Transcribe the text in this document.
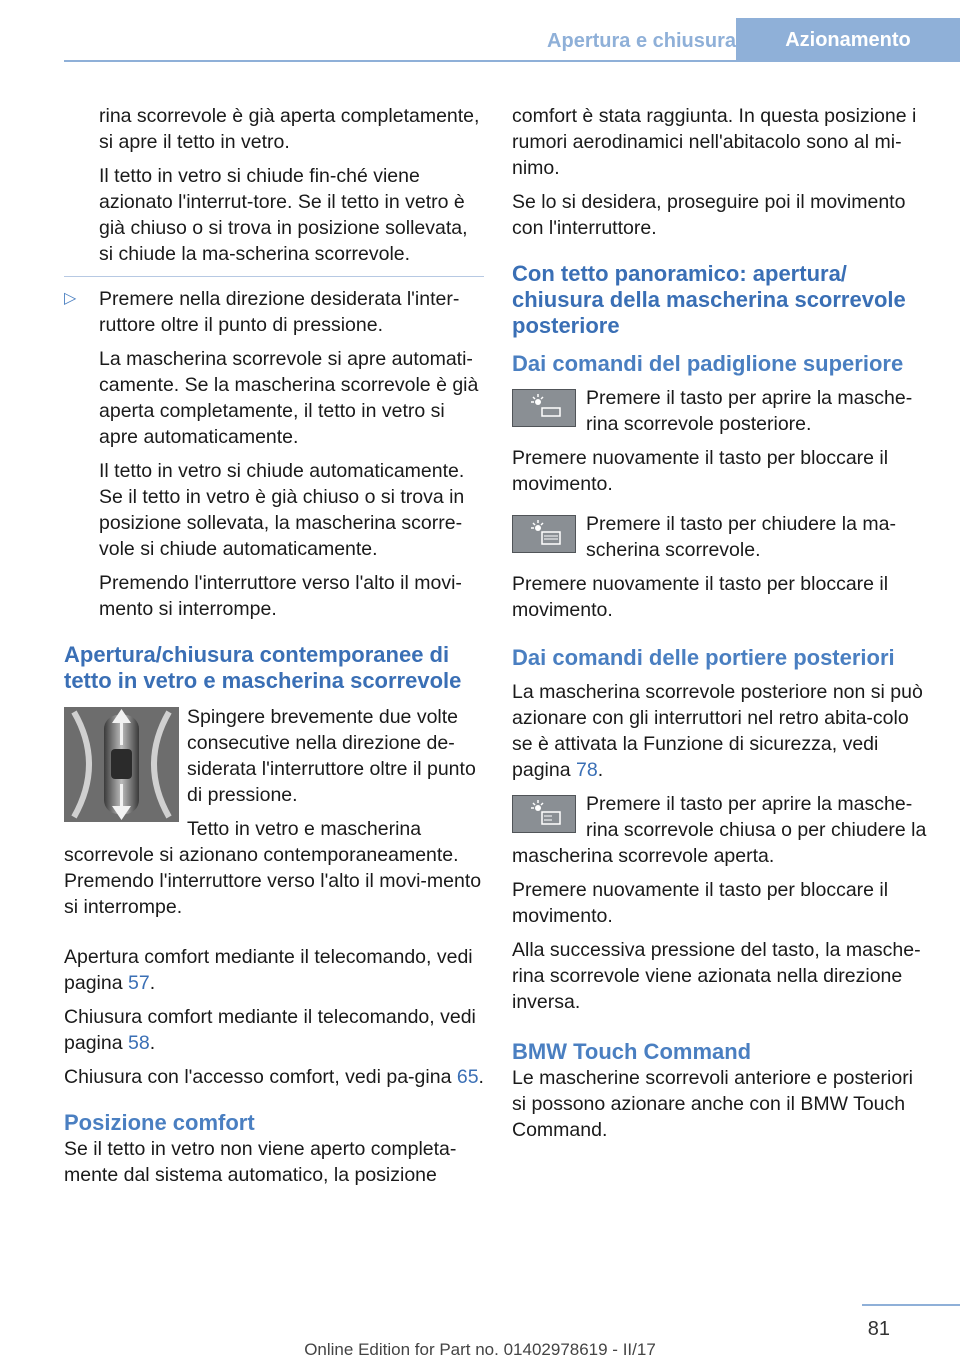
Apertura e chiusura	Azionamento

rina scorrevole è già aperta completamente, si apre il tetto in vetro.

Il tetto in vetro si chiude fin-ché viene azionato l'interrut-tore. Se il tetto in vetro è già chiuso o si trova in posizione sollevata, si chiude la ma-scherina scorrevole.

▷ Premere nella direzione desiderata l'inter-ruttore oltre il punto di pressione.

La mascherina scorrevole si apre automati-camente. Se la mascherina scorrevole è già aperta completamente, il tetto in vetro si apre automaticamente.

Il tetto in vetro si chiude automaticamente. Se il tetto in vetro è già chiuso o si trova in posizione sollevata, la mascherina scorre-vole si chiude automaticamente.

Premendo l'interruttore verso l'alto il movi-mento si interrompe.

Apertura/chiusura contemporanee di tetto in vetro e mascherina scorrevole

Spingere brevemente due volte consecutive nella direzione de-siderata l'interruttore oltre il punto di pressione.

Tetto in vetro e mascherina scorrevole si azionano contemporaneamente. Premendo l'interruttore verso l'alto il movi-mento si interrompe.

Apertura comfort mediante il telecomando, vedi pagina 57.

Chiusura comfort mediante il telecomando, vedi pagina 58.

Chiusura con l'accesso comfort, vedi pa-gina 65.

Posizione comfort

Se il tetto in vetro non viene aperto completa-mente dal sistema automatico, la posizione

comfort è stata raggiunta. In questa posizione i rumori aerodinamici nell'abitacolo sono al mi-nimo.

Se lo si desidera, proseguire poi il movimento con l'interruttore.

Con tetto panoramico: apertura/ chiusura della mascherina scorrevole posteriore
Dai comandi del padiglione superiore

Premere il tasto per aprire la masche-rina scorrevole posteriore.

Premere nuovamente il tasto per bloccare il movimento.

Premere il tasto per chiudere la ma-scherina scorrevole.

Premere nuovamente il tasto per bloccare il movimento.

Dai comandi delle portiere posteriori

La mascherina scorrevole posteriore non si può azionare con gli interruttori nel retro abita-colo se è attivata la Funzione di sicurezza, vedi pagina 78.

Premere il tasto per aprire la masche-rina scorrevole chiusa o per chiudere la mascherina scorrevole aperta.

Premere nuovamente il tasto per bloccare il movimento.

Alla successiva pressione del tasto, la masche-rina scorrevole viene azionata nella direzione inversa.

BMW Touch Command

Le mascherine scorrevoli anteriore e posteriori si possono azionare anche con il BMW Touch Command.

81
Online Edition for Part no. 01402978619 - II/17
